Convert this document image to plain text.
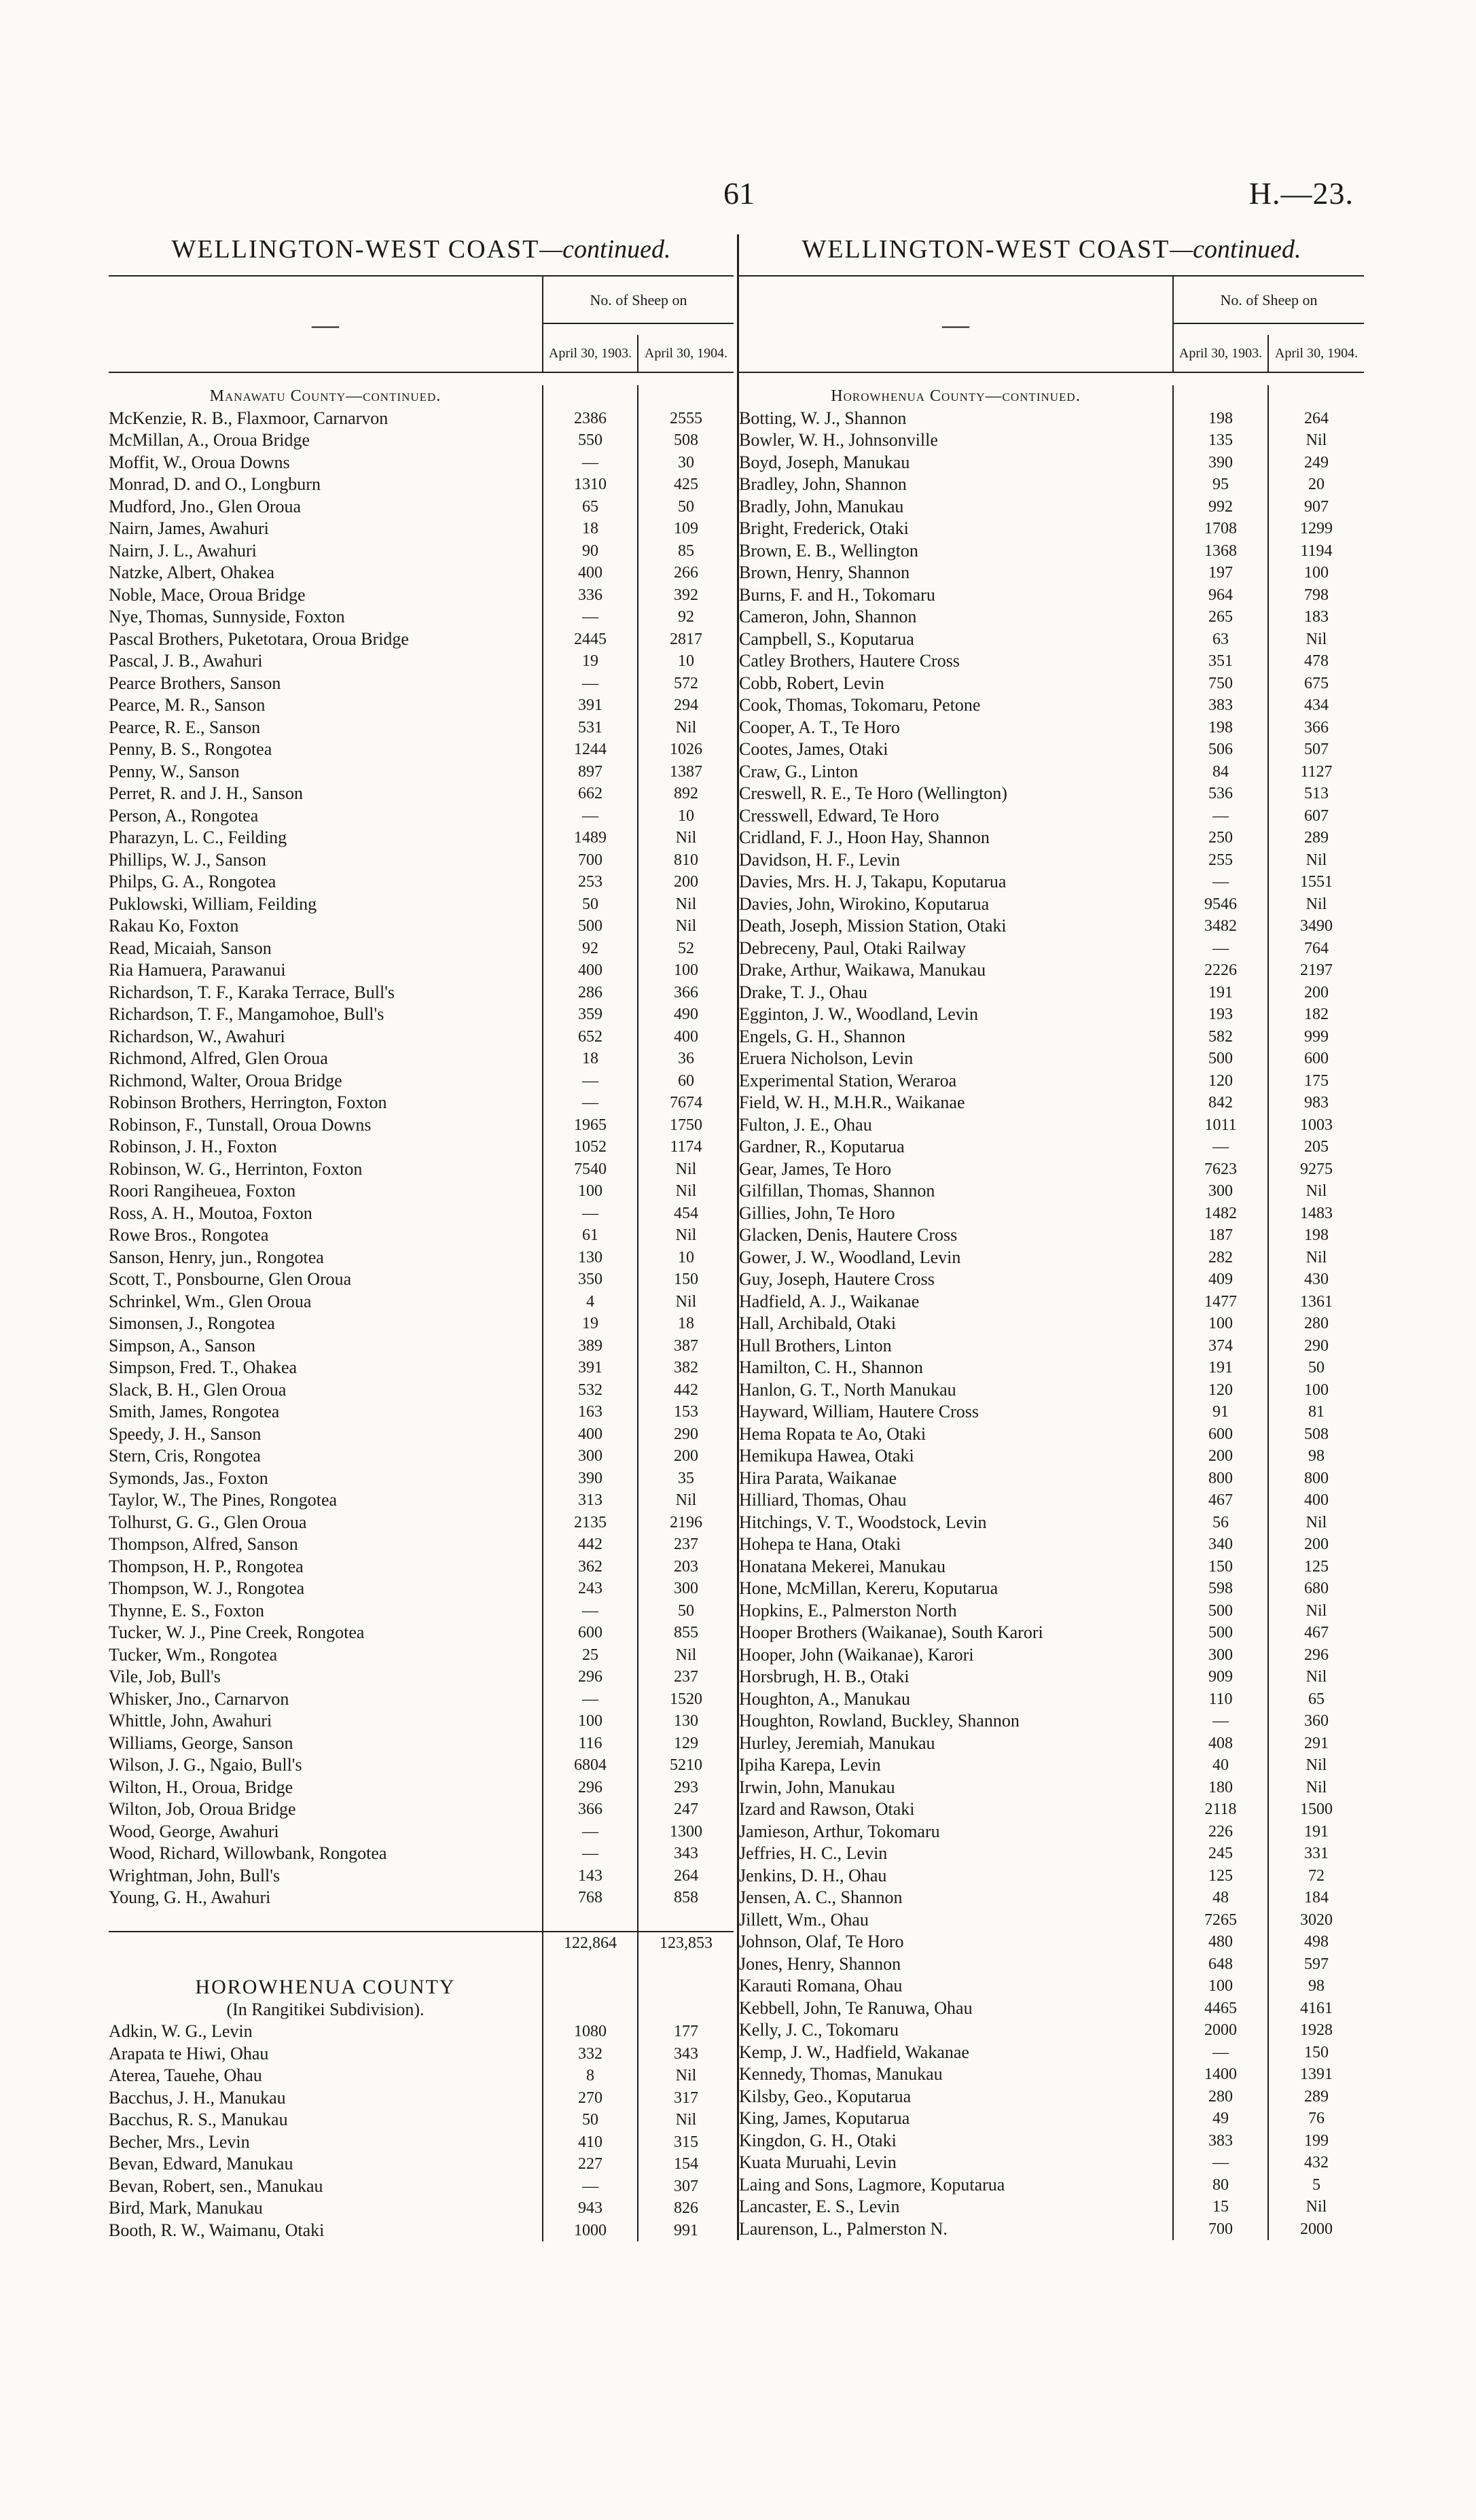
61	H.—23.
WELLINGTON-WEST COAST—continued.
—
No. of Sheep on
April 30, 1903. April 30, 1904.
Manawatu County—continued.
McKenzie, R. B., Flaxmoor, Carnarvon	2386	2555
McMillan, A., Oroua Bridge	550	508
Moffit, W., Oroua Downs	—	30
Monrad, D. and O., Longburn	1310	425
Mudford, Jno., Glen Oroua	65	50
Nairn, James, Awahuri	18	109
Nairn, J. L., Awahuri	90	85
Natzke, Albert, Ohakea	400	266
Noble, Mace, Oroua Bridge	336	392
Nye, Thomas, Sunnyside, Foxton	—	92
Pascal Brothers, Puketotara, Oroua Bridge	2445	2817
Pascal, J. B., Awahuri	19	10
Pearce Brothers, Sanson	—	572
Pearce, M. R., Sanson	391	294
Pearce, R. E., Sanson	531	Nil
Penny, B. S., Rongotea	1244	1026
Penny, W., Sanson	897	1387
Perret, R. and J. H., Sanson	662	892
Person, A., Rongotea	—	10
Pharazyn, L. C., Feilding	1489	Nil
Phillips, W. J., Sanson	700	810
Philps, G. A., Rongotea	253	200
Puklowski, William, Feilding	50	Nil
Rakau Ko, Foxton	500	Nil
Read, Micaiah, Sanson	92	52
Ria Hamuera, Parawanui	400	100
Richardson, T. F., Karaka Terrace, Bull's	286	366
Richardson, T. F., Mangamohoe, Bull's	359	490
Richardson, W., Awahuri	652	400
Richmond, Alfred, Glen Oroua	18	36
Richmond, Walter, Oroua Bridge	—	60
Robinson Brothers, Herrington, Foxton	—	7674
Robinson, F., Tunstall, Oroua Downs	1965	1750
Robinson, J. H., Foxton	1052	1174
Robinson, W. G., Herrinton, Foxton	7540	Nil
Roori Rangiheuea, Foxton	100	Nil
Ross, A. H., Moutoa, Foxton	—	454
Rowe Bros., Rongotea	61	Nil
Sanson, Henry, jun., Rongotea	130	10
Scott, T., Ponsbourne, Glen Oroua	350	150
Schrinkel, Wm., Glen Oroua	4	Nil
Simonsen, J., Rongotea	19	18
Simpson, A., Sanson	389	387
Simpson, Fred. T., Ohakea	391	382
Slack, B. H., Glen Oroua	532	442
Smith, James, Rongotea	163	153
Speedy, J. H., Sanson	400	290
Stern, Cris, Rongotea	300	200
Symonds, Jas., Foxton	390	35
Taylor, W., The Pines, Rongotea	313	Nil
Tolhurst, G. G., Glen Oroua	2135	2196
Thompson, Alfred, Sanson	442	237
Thompson, H. P., Rongotea	362	203
Thompson, W. J., Rongotea	243	300
Thynne, E. S., Foxton	—	50
Tucker, W. J., Pine Creek, Rongotea	600	855
Tucker, Wm., Rongotea	25	Nil
Vile, Job, Bull's	296	237
Whisker, Jno., Carnarvon	—	1520
Whittle, John, Awahuri	100	130
Williams, George, Sanson	116	129
Wilson, J. G., Ngaio, Bull's	6804	5210
Wilton, H., Oroua, Bridge	296	293
Wilton, Job, Oroua Bridge	366	247
Wood, George, Awahuri	—	1300
Wood, Richard, Willowbank, Rongotea	—	343
Wrightman, John, Bull's	143	264
Young, G. H., Awahuri	768	858
122,864	123,853
HOROWHENUA COUNTY
(In Rangitikei Subdivision).
Adkin, W. G., Levin	1080	177
Arapata te Hiwi, Ohau	332	343
Aterea, Tauehe, Ohau	8	Nil
Bacchus, J. H., Manukau	270	317
Bacchus, R. S., Manukau	50	Nil
Becher, Mrs., Levin	410	315
Bevan, Edward, Manukau	227	154
Bevan, Robert, sen., Manukau	—	307
Bird, Mark, Manukau	943	826
Booth, R. W., Waimanu, Otaki	1000	991
WELLINGTON-WEST COAST—continued.
—
No. of Sheep on
April 30, 1903. April 30, 1904.
Horowhenua County—continued.
Botting, W. J., Shannon	198	264
Bowler, W. H., Johnsonville	135	Nil
Boyd, Joseph, Manukau	390	249
Bradley, John, Shannon	95	20
Bradly, John, Manukau	992	907
Bright, Frederick, Otaki	1708	1299
Brown, E. B., Wellington	1368	1194
Brown, Henry, Shannon	197	100
Burns, F. and H., Tokomaru	964	798
Cameron, John, Shannon	265	183
Campbell, S., Koputarua	63	Nil
Catley Brothers, Hautere Cross	351	478
Cobb, Robert, Levin	750	675
Cook, Thomas, Tokomaru, Petone	383	434
Cooper, A. T., Te Horo	198	366
Cootes, James, Otaki	506	507
Craw, G., Linton	84	1127
Creswell, R. E., Te Horo (Wellington)	536	513
Cresswell, Edward, Te Horo	—	607
Cridland, F. J., Hoon Hay, Shannon	250	289
Davidson, H. F., Levin	255	Nil
Davies, Mrs. H. J, Takapu, Koputarua	—	1551
Davies, John, Wirokino, Koputarua	9546	Nil
Death, Joseph, Mission Station, Otaki	3482	3490
Debreceny, Paul, Otaki Railway	—	764
Drake, Arthur, Waikawa, Manukau	2226	2197
Drake, T. J., Ohau	191	200
Egginton, J. W., Woodland, Levin	193	182
Engels, G. H., Shannon	582	999
Eruera Nicholson, Levin	500	600
Experimental Station, Weraroa	120	175
Field, W. H., M.H.R., Waikanae	842	983
Fulton, J. E., Ohau	1011	1003
Gardner, R., Koputarua	—	205
Gear, James, Te Horo	7623	9275
Gilfillan, Thomas, Shannon	300	Nil
Gillies, John, Te Horo	1482	1483
Glacken, Denis, Hautere Cross	187	198
Gower, J. W., Woodland, Levin	282	Nil
Guy, Joseph, Hautere Cross	409	430
Hadfield, A. J., Waikanae	1477	1361
Hall, Archibald, Otaki	100	280
Hull Brothers, Linton	374	290
Hamilton, C. H., Shannon	191	50
Hanlon, G. T., North Manukau	120	100
Hayward, William, Hautere Cross	91	81
Hema Ropata te Ao, Otaki	600	508
Hemikupa Hawea, Otaki	200	98
Hira Parata, Waikanae	800	800
Hilliard, Thomas, Ohau	467	400
Hitchings, V. T., Woodstock, Levin	56	Nil
Hohepa te Hana, Otaki	340	200
Honatana Mekerei, Manukau	150	125
Hone, McMillan, Kereru, Koputarua	598	680
Hopkins, E., Palmerston North	500	Nil
Hooper Brothers (Waikanae), South Karori	500	467
Hooper, John (Waikanae), Karori	300	296
Horsbrugh, H. B., Otaki	909	Nil
Houghton, A., Manukau	110	65
Houghton, Rowland, Buckley, Shannon	—	360
Hurley, Jeremiah, Manukau	408	291
Ipiha Karepa, Levin	40	Nil
Irwin, John, Manukau	180	Nil
Izard and Rawson, Otaki	2118	1500
Jamieson, Arthur, Tokomaru	226	191
Jeffries, H. C., Levin	245	331
Jenkins, D. H., Ohau	125	72
Jensen, A. C., Shannon	48	184
Jillett, Wm., Ohau	7265	3020
Johnson, Olaf, Te Horo	480	498
Jones, Henry, Shannon	648	597
Karauti Romana, Ohau	100	98
Kebbell, John, Te Ranuwa, Ohau	4465	4161
Kelly, J. C., Tokomaru	2000	1928
Kemp, J. W., Hadfield, Wakanae	—	150
Kennedy, Thomas, Manukau	1400	1391
Kilsby, Geo., Koputarua	280	289
King, James, Koputarua	49	76
Kingdon, G. H., Otaki	383	199
Kuata Muruahi, Levin	—	432
Laing and Sons, Lagmore, Koputarua	80	5
Lancaster, E. S., Levin	15	Nil
Laurenson, L., Palmerston N.	700	2000
